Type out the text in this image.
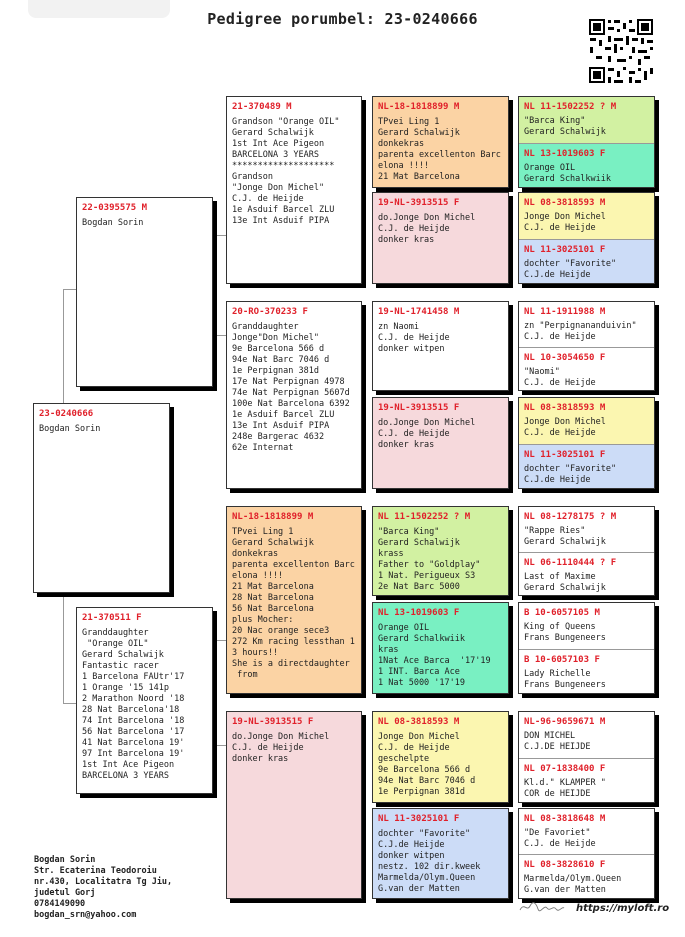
Pedigree porumbel: 23-0240666
23-0240666
Bogdan Sorin
22-0395575 M
Bogdan Sorin
21-370511 F
Granddaughter
"Orange OIL"
Gerard Schalwijk
Fantastic racer
1 Barcelona FAUtr'17
1 Orange '15 141p
2 Marathon Noord '18
28 Nat Barcelona'18
74 Int Barcelona '18
56 Nat Barcelona '17
41 Nat Barcelona 19'
97 Int Barcelona 19'
1st Int Ace Pigeon
BARCELONA 3 YEARS
21-370489 M
Grandson "Orange OIL"
Gerard Schalwijk
1st Int Ace Pigeon
BARCELONA 3 YEARS
********************
Grandson
"Jonge Don Michel"
C.J. de Heijde
1e Asduif Barcel ZLU
13e Int Asduif PIPA
20-RO-370233 F
Granddaughter
Jonge"Don Michel"
9e Barcelona 566 d
94e Nat Barc 7046 d
1e Perpignan 381d
17e Nat Perpignan 4978
74e Nat Perpignan 5607d
100e Nat Barcelona 6392
1e Asduif Barcel ZLU
13e Int Asduif PIPA
248e Bargerac 4632
62e Internat
NL-18-1818899 M
TPvei Ling 1
Gerard Schalwijk
donkekras
parenta excellenton Barc
elona !!!!
21 Mat Barcelona
28 Nat Barcelona
56 Nat Barcelona
plus Mocher:
20 Nac orange sece3
272 Km racing lessthan 1
3 hours!!
She is a directdaughter
from
19-NL-3913515 F
do.Jonge Don Michel
C.J. de Heijde
donker kras
NL-18-1818899 M
TPvei Ling 1
Gerard Schalwijk
donkekras
parenta excellenton Barc
elona !!!!
21 Mat Barcelona
19-NL-3913515 F
do.Jonge Don Michel
C.J. de Heijde
donker kras
19-NL-1741458 M
zn Naomi
C.J. de Heijde
donker witpen
19-NL-3913515 F
do.Jonge Don Michel
C.J. de Heijde
donker kras
NL 11-1502252 ? M
"Barca King"
Gerard Schalwijk
krass
Father to "Goldplay"
1 Nat. Perigueux S3
2e Nat Barc 5000
NL 13-1019603 F
Orange OIL
Gerard Schalkwiik
kras
1Nat Ace Barca  '17'19
1 INT. Barca Ace
1 Nat 5000 '17'19
NL 08-3818593 M
Jonge Don Michel
C.J. de Heijde
geschelpte
9e Barcelona 566 d
94e Nat Barc 7046 d
1e Perpignan 381d
NL 11-3025101 F
dochter "Favorite"
C.J.de Heijde
donker witpen
nestz. 102 dir.kweek
Marmelda/Olym.Queen
G.van der Matten
NL 11-1502252 ? M
"Barca King"
Gerard Schalwijk
NL 13-1019603 F
Orange OIL
Gerard Schalkwiik
NL 08-3818593 M
Jonge Don Michel
C.J. de Heijde
NL 11-3025101 F
dochter "Favorite"
C.J.de Heijde
NL 11-1911988 M
zn "Perpignananduivin"
C.J. de Heijde
NL 10-3054650 F
"Naomi"
C.J. de Heijde
NL 08-3818593 M
Jonge Don Michel
C.J. de Heijde
NL 11-3025101 F
dochter "Favorite"
C.J.de Heijde
NL 08-1278175 ? M
"Rappe Ries"
Gerard Schalwijk
NL 06-1110444 ? F
Last of Maxime
Gerard Schalwijk
B 10-6057105 M
King of Queens
Frans Bungeneers
B 10-6057103 F
Lady Richelle
Frans Bungeneers
NL-96-9659671 M
DON MICHEL
C.J.DE HEIJDE
NL 07-1838400 F
Kl.d." KLAMPER "
COR de HEIJDE
NL 08-3818648 M
"De Favoriet"
C.J. de Heijde
NL 08-3828610 F
Marmelda/Olym.Queen
G.van der Matten
Bogdan Sorin
Str. Ecaterina Teodoroiu
nr.430, Localitatra Tg Jiu,
judetul Gorj
0784149090
bogdan_srn@yahoo.com
https://myloft.ro
